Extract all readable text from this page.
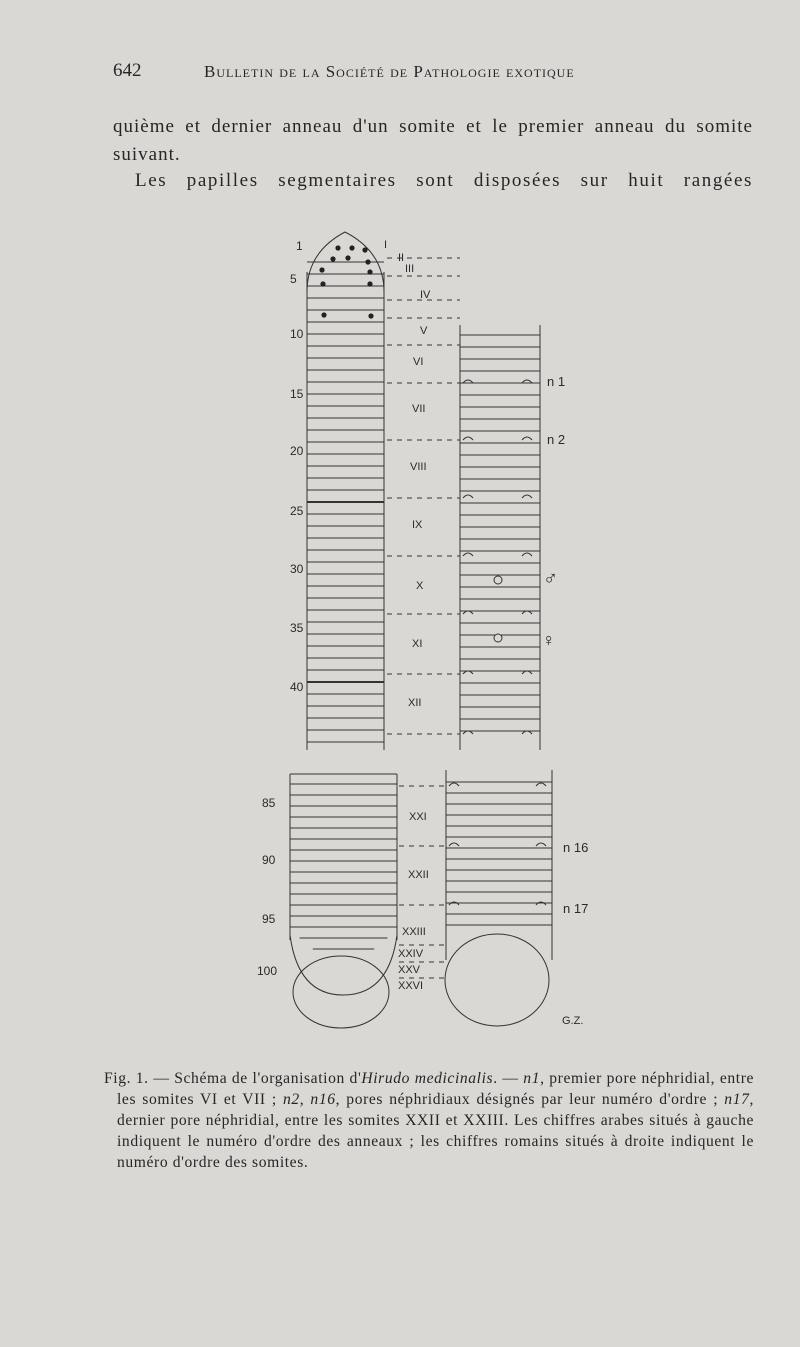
642	Bulletin de la Société de Pathologie exotique

quième et dernier anneau d'un somite et le premier anneau du somite suivant.

Les papilles segmentaires sont disposées sur huit rangées

1
5
10
15
20
25
30
35
40
I
II
III
IV
V
VI
VII
VIII
IX
X
XI
XII
n 1
n 2
♂
♀
85
90
95
100
XXI
XXII
XXIII
XXIV
XXV
XXVI
n 16
n 17
G.Z.
Fig. 1. — Schéma de l'organisation d'Hirudo medicinalis. — n1, premier pore néphridial, entre les somites VI et VII ; n2, n16, pores néphridiaux désignés par leur numéro d'ordre ; n17, dernier pore néphridial, entre les somites XXII et XXIII. Les chiffres arabes situés à gauche indiquent le numéro d'ordre des anneaux ; les chiffres romains situés à droite indiquent le numéro d'ordre des somites.
